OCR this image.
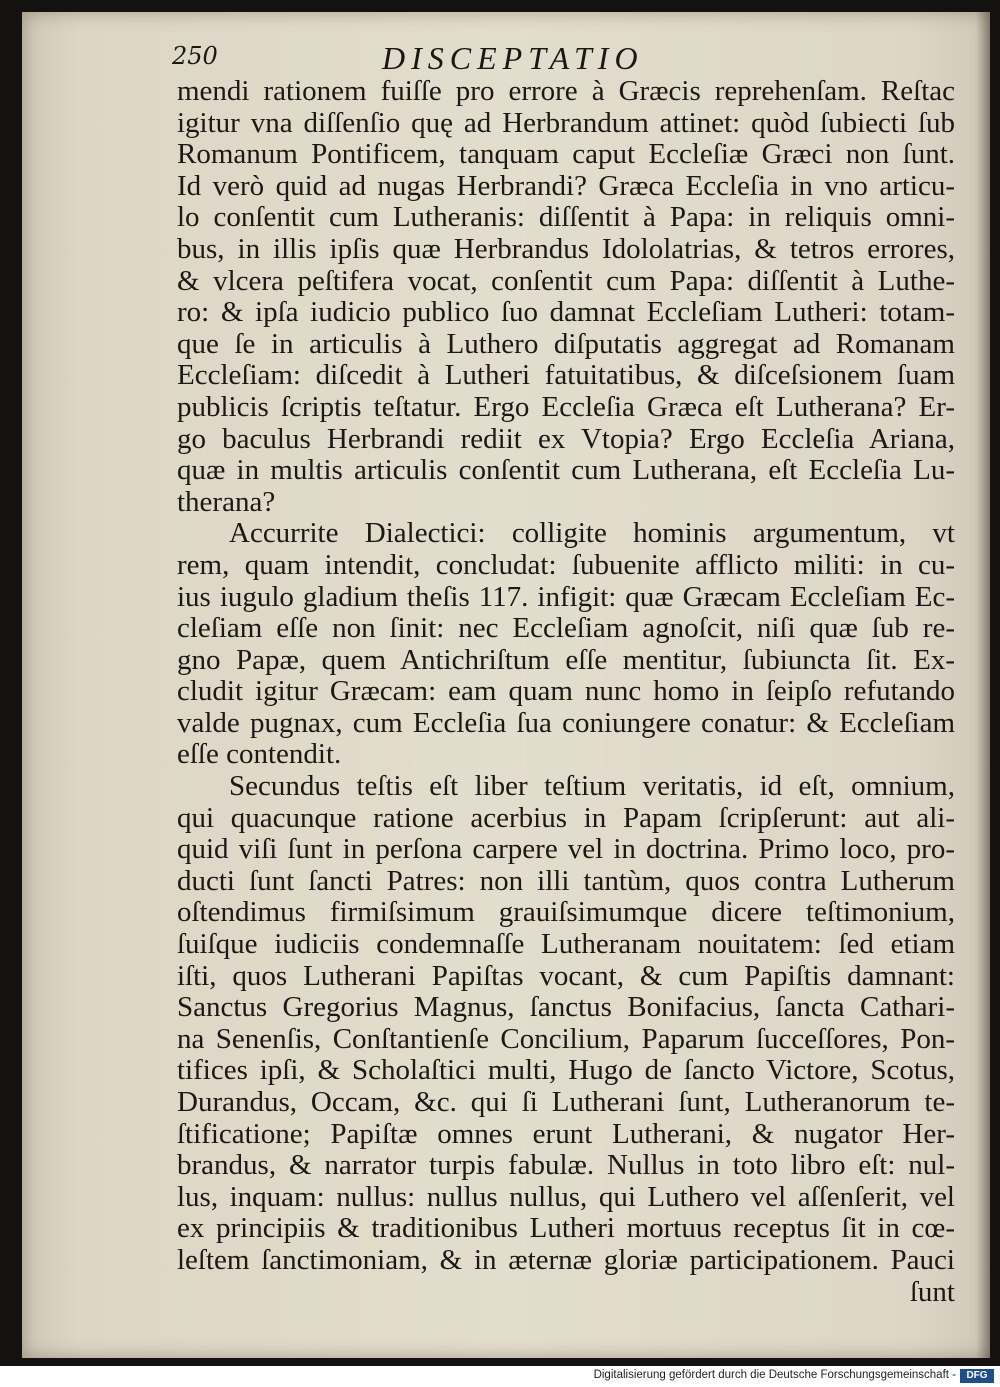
250	DISCEPTATIO
mendi rationem fuiſſe pro errore à Græcis reprehenſam. Reſtac
igitur vna diſſenſio quę ad Herbrandum attinet: quòd ſubiecti ſub
Romanum Pontificem, tanquam caput Eccleſiæ Græci non ſunt.
Id verò quid ad nugas Herbrandi? Græca Eccleſia in vno articu-
lo conſentit cum Lutheranis: diſſentit à Papa: in reliquis omni-
bus, in illis ipſis quæ Herbrandus Idololatrias, & tetros errores,
& vlcera peſtifera vocat, conſentit cum Papa: diſſentit à Luthe-
ro: & ipſa iudicio publico ſuo damnat Eccleſiam Lutheri: totam-
que ſe in articulis à Luthero diſputatis aggregat ad Romanam
Eccleſiam: diſcedit à Lutheri fatuitatibus, & diſceſsionem ſuam
publicis ſcriptis teſtatur. Ergo Eccleſia Græca eſt Lutherana? Er-
go baculus Herbrandi rediit ex Vtopia? Ergo Eccleſia Ariana,
quæ in multis articulis conſentit cum Lutherana, eſt Eccleſia Lu-
therana?
Accurrite Dialectici: colligite hominis argumentum, vt
rem, quam intendit, concludat: ſubuenite afflicto militi: in cu-
ius iugulo gladium theſis 117. infigit: quæ Græcam Eccleſiam Ec-
cleſiam eſſe non ſinit: nec Eccleſiam agnoſcit, niſi quæ ſub re-
gno Papæ, quem Antichriſtum eſſe mentitur, ſubiuncta ſit. Ex-
cludit igitur Græcam: eam quam nunc homo in ſeipſo refutando
valde pugnax, cum Eccleſia ſua coniungere conatur: & Eccleſiam
eſſe contendit.
Secundus teſtis eſt liber teſtium veritatis, id eſt, omnium,
qui quacunque ratione acerbius in Papam ſcripſerunt: aut ali-
quid viſi ſunt in perſona carpere vel in doctrina. Primo loco, pro-
ducti ſunt ſancti Patres: non illi tantùm, quos contra Lutherum
oſtendimus firmiſsimum grauiſsimumque dicere teſtimonium,
ſuiſque iudiciis condemnaſſe Lutheranam nouitatem: ſed etiam
iſti, quos Lutherani Papiſtas vocant, & cum Papiſtis damnant:
Sanctus Gregorius Magnus, ſanctus Bonifacius, ſancta Cathari-
na Senenſis, Conſtantienſe Concilium, Paparum ſucceſſores, Pon-
tifices ipſi, & Scholaſtici multi, Hugo de ſancto Victore, Scotus,
Durandus, Occam, &c. qui ſi Lutherani ſunt, Lutheranorum te-
ſtificatione; Papiſtæ omnes erunt Lutherani, & nugator Her-
brandus, & narrator turpis fabulæ. Nullus in toto libro eſt: nul-
lus, inquam: nullus: nullus nullus, qui Luthero vel aſſenſerit, vel
ex principiis & traditionibus Lutheri mortuus receptus ſit in cœ-
leſtem ſanctimoniam, & in æternæ gloriæ participationem. Pauci
ſunt
Digitalisierung gefördert durch die Deutsche Forschungsgemeinschaft -	DFG
